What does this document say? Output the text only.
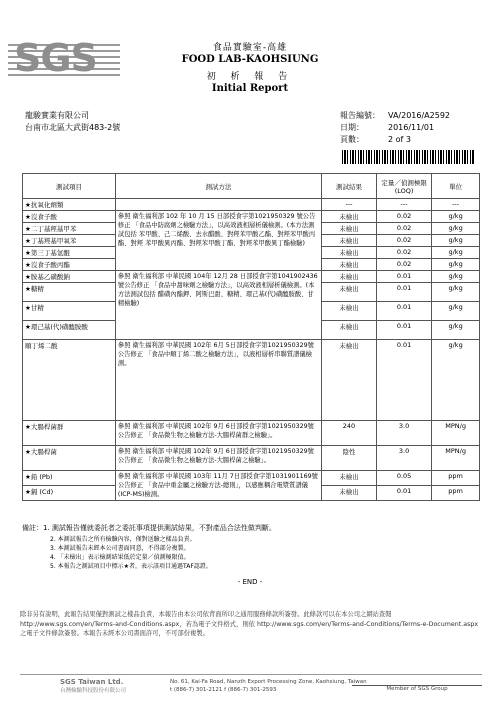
SGS	食品實驗室-高雄
FOOD LAB-KAOHSIUNG
初 析 報 告
Initial Report
龍駿實業有限公司
台南市北區大武街483-2號
報告編號：	VA/2016/A2592
日期：	2016/11/01
頁數：	2 of 3
測試項目	測試方法	測試結果	定量／偵測極限(LOQ)	單位
★抗氧化劑類		---	---	---
★沒食子酸	參照 衛生福利部 102 年 10 月 15 日部授食字第1021950329 號公告修正 「食品中防腐劑之檢驗方法」，以高效液相層析儀檢測。(本方法測試包括 苯甲酸、己二烯酸、去水醋酸、對羥苯甲酸乙酯、對羥苯甲酸丙酯、對羥 苯甲酸異丙酯、對羥苯甲酸丁酯、對羥苯甲酸異丁酯檢驗)	未檢出	0.02	g/kg
★二丁基羥基甲苯		未檢出	0.02	g/kg
★丁基羥基甲氧苯		未檢出	0.02	g/kg
★第三丁基氫醌		未檢出	0.02	g/kg
★沒食子酸丙酯		未檢出	0.02	g/kg
★胺基乙磺酸鈉	參照 衛生福利部 中華民國 104年 12月 28 日部授食字第1041902436號公告修正 「食品中甜味劑之檢驗方法」，以高效液相層析儀檢測。(本方法測試包括 醋磺內酯鉀、阿斯巴甜、糖精、環己基(代)磺醯胺酸、甘精檢驗)	未檢出	0.01	g/kg
★糖精		未檢出	0.01	g/kg
★甘精		未檢出	0.01	g/kg
★環己基(代)磺醯胺酸		未檢出	0.01	g/kg
順丁烯二酸	參照 衛生福利部 中華民國 102年 6月 5日部授食字第1021950329號公告修正 「食品中順丁烯二酸之檢驗方法」，以液相層析串聯質譜儀檢測。	未檢出	0.01	g/kg
★大腸桿菌群	參照 衛生福利部 中華民國 102年 9月 6日部授食字第1021950329號公告修正 「食品微生物之檢驗方法-大腸桿菌群之檢驗」。	240	3.0	MPN/g
★大腸桿菌	參照 衛生福利部 中華民國 102年 9月 6日部授食字第1021950329號公告修正 「食品微生物之檢驗方法-大腸桿菌之檢驗」。	陰性	3.0	MPN/g
★鉛 (Pb)	參照 衛生福利部 中華民國 103年 11月 7日部授食字第1031901169號公告修正 「食品中重金屬之檢驗方法-總則」，以感應耦合電漿質譜儀(ICP-MS)檢測。	未檢出	0.05	ppm
★鎘 (Cd)		未檢出	0.01	ppm
備註：1. 測試報告僅就委託者之委託事項提供測試結果，不對產品合法性做判斷。
2. 本測試報告之所有檢驗內容，僅對送驗之樣品負責。
3. 本測試報告未經本公司書面同意，不得部分複製。
4. 「未檢出」表示檢測結果低於定量／偵測極限值。
5. 本報告之測試項目中標示★者，表示該項目通過TAF認證。
- END -
除非另有說明，此報告結果僅對測試之樣品負責，本報告由本公司依背面所印之通用服務條款所簽發。此條款可以在本公司之網站查閱 http://www.sgs.com/en/Terms-and-Conditions.aspx，若為電子文件格式，則依 http://www.sgs.com/en/Terms-and-Conditions/Terms-e-Document.aspx 之電子文件條款簽發。本報告未經本公司書面許可，不可部份複製。
SGS Taiwan Ltd.
台灣檢驗科技股份有限公司
No. 61, Kai-Fa Road, Nanzih Export Processing Zone, Kaohsiung, Taiwan
t (886-7) 301-2121 f (886-7) 301-2593	Member of SGS Group
